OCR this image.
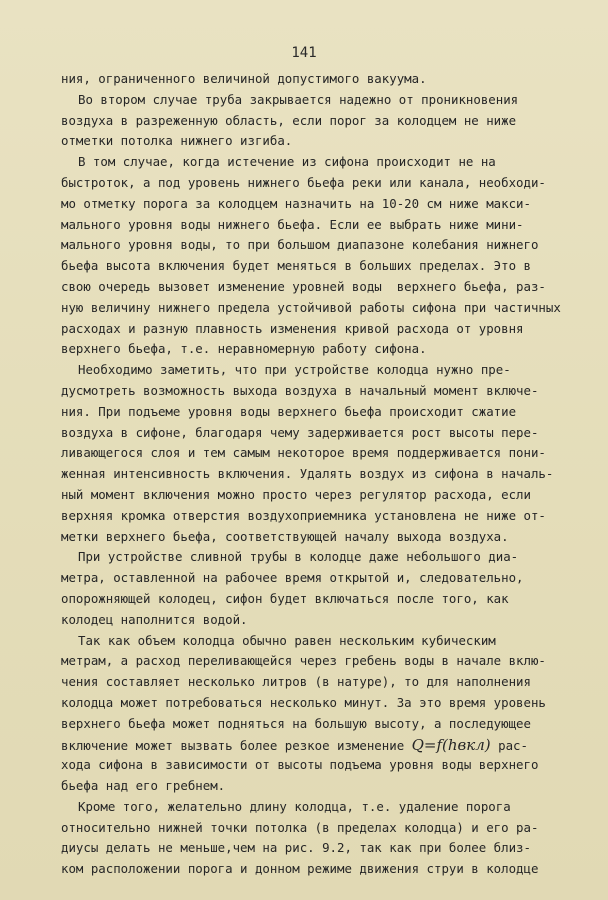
141
ния, ограниченного величиной допустимого вакуума.
Во втором случае труба закрывается надежно от проникновения
воздуха в разреженную область, если порог за колодцем не ниже
отметки потолка нижнего изгиба.
В том случае, когда истечение из сифона происходит не на
быстроток, а под уровень нижнего бьефа реки или канала, необходи-
мо отметку порога за колодцем назначить на 10-20 см ниже макси-
мального уровня воды нижнего бьефа. Если ее выбрать ниже мини-
мального уровня воды, то при большом диапазоне колебания нижнего
бьефа высота включения будет меняться в больших пределах. Это в
свою очередь вызовет изменение уровней воды  верхнего бьефа, раз-
ную величину нижнего предела устойчивой работы сифона при частичных
расходах и разную плавность изменения кривой расхода от уровня
верхнего бьефа, т.е. неравномерную работу сифона.
Необходимо заметить, что при устройстве колодца нужно пре-
дусмотреть возможность выхода воздуха в начальный момент включе-
ния. При подъеме уровня воды верхнего бьефа происходит сжатие
воздуха в сифоне, благодаря чему задерживается рост высоты пере-
ливающегося слоя и тем самым некоторое время поддерживается пони-
женная интенсивность включения. Удалять воздух из сифона в началь-
ный момент включения можно просто через регулятор расхода, если
верхняя кромка отверстия воздухоприемника установлена не ниже от-
метки верхнего бьефа, соответствующей началу выхода воздуха.
При устройстве сливной трубы в колодце даже небольшого диа-
метра, оставленной на рабочее время открытой и, следовательно,
опорожняющей колодец, сифон будет включаться после того, как
колодец наполнится водой.
Так как объем колодца обычно равен нескольким кубическим
метрам, а расход переливающейся через гребень воды в начале вклю-
чения составляет несколько литров (в натуре), то для наполнения
колодца может потребоваться несколько минут. За это время уровень
верхнего бьефа может подняться на большую высоту, а последующее
включение может вызвать более резкое изменение Q=f(hвкл) рас-
хода сифона в зависимости от высоты подъема уровня воды верхнего
бьефа над его гребнем.
Кроме того, желательно длину колодца, т.е. удаление порога
относительно нижней точки потолка (в пределах колодца) и его ра-
диусы делать не меньше,чем на рис. 9.2, так как при более близ-
ком расположении порога и донном режиме движения струи в колодце
